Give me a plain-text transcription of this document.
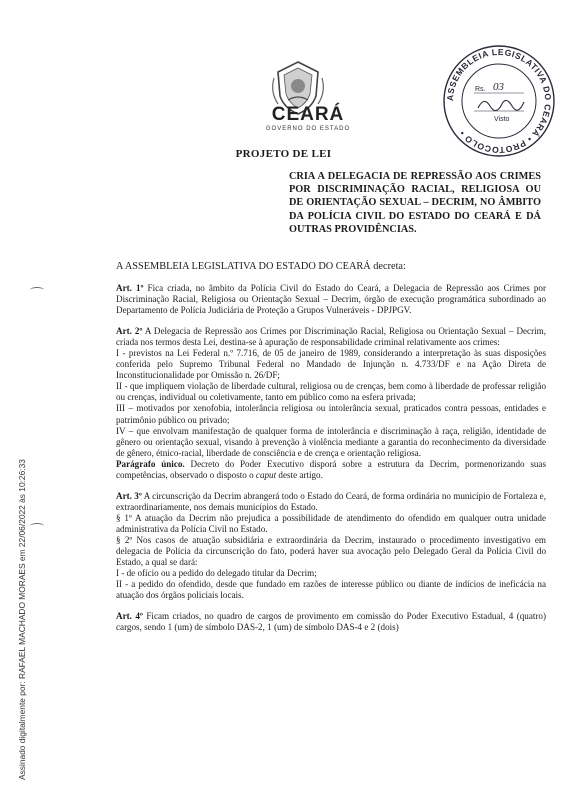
CEARÁ
GOVERNO DO ESTADO
ASSEMBLEIA LEGISLATIVA DO CEARÁ • PROTOCOLO •
Rs. 03
Visto
PROJETO DE LEI
CRIA A DELEGACIA DE REPRESSÃO AOS CRIMES POR DISCRIMINAÇÃO RACIAL, RELIGIOSA OU DE ORIENTAÇÃO SEXUAL – DECRIM, NO ÂMBITO DA POLÍCIA CIVIL DO ESTADO DO CEARÁ E DÁ OUTRAS PROVIDÊNCIAS.
A ASSEMBLEIA LEGISLATIVA DO ESTADO DO CEARÁ decreta:

Art. 1º Fica criada, no âmbito da Polícia Civil do Estado do Ceará, a Delegacia de Repressão aos Crimes por Discriminação Racial, Religiosa ou Orientação Sexual – Decrim, órgão de execução programática subordinado ao Departamento de Polícia Judiciária de Proteção a Grupos Vulneráveis - DPJPGV.

Art. 2º A Delegacia de Repressão aos Crimes por Discriminação Racial, Religiosa ou Orientação Sexual – Decrim, criada nos termos desta Lei, destina-se à apuração de responsabilidade criminal relativamente aos crimes:

I - previstos na Lei Federal n.º 7.716, de 05 de janeiro de 1989, considerando a interpretação às suas disposições conferida pelo Supremo Tribunal Federal no Mandado de Injunção n. 4.733/DF e na Ação Direta de Inconstitucionalidade por Omissão n. 26/DF;

II - que impliquem violação de liberdade cultural, religiosa ou de crenças, bem como à liberdade de professar religião ou crenças, individual ou coletivamente, tanto em público como na esfera privada;

III – motivados por xenofobia, intolerância religiosa ou intolerância sexual, praticados contra pessoas, entidades e patrimônio público ou privado;

IV – que envolvam manifestação de qualquer forma de intolerância e discriminação à raça, religião, identidade de gênero ou orientação sexual, visando à prevenção à violência mediante a garantia do reconhecimento da diversidade de gênero, étnico-racial, liberdade de consciência e de crença e orientação religiosa.

Parágrafo único. Decreto do Poder Executivo disporá sobre a estrutura da Decrim, pormenorizando suas competências, observado o disposto o caput deste artigo.

Art. 3º A circunscrição da Decrim abrangerá todo o Estado do Ceará, de forma ordinária no município de Fortaleza e, extraordinariamente, nos demais municípios do Estado.

§ 1º A atuação da Decrim não prejudica a possibilidade de atendimento do ofendido em qualquer outra unidade administrativa da Polícia Civil no Estado.

§ 2º Nos casos de atuação subsidiária e extraordinária da Decrim, instaurado o procedimento investigativo em delegacia de Polícia da circunscrição do fato, poderá haver sua avocação pelo Delegado Geral da Polícia Civil do Estado, a qual se dará:

I - de ofício ou a pedido do delegado titular da Decrim;

II - a pedido do ofendido, desde que fundado em razões de interesse público ou diante de indícios de ineficácia na atuação dos órgãos policiais locais.

Art. 4º Ficam criados, no quadro de cargos de provimento em comissão do Poder Executivo Estadual, 4 (quatro) cargos, sendo 1 (um) de símbolo DAS-2, 1 (um) de símbolo DAS-4 e 2 (dois)

Assinado digitalmente por: RAFAEL MACHADO MORAES em 22/06/2022 às 10:26:33
